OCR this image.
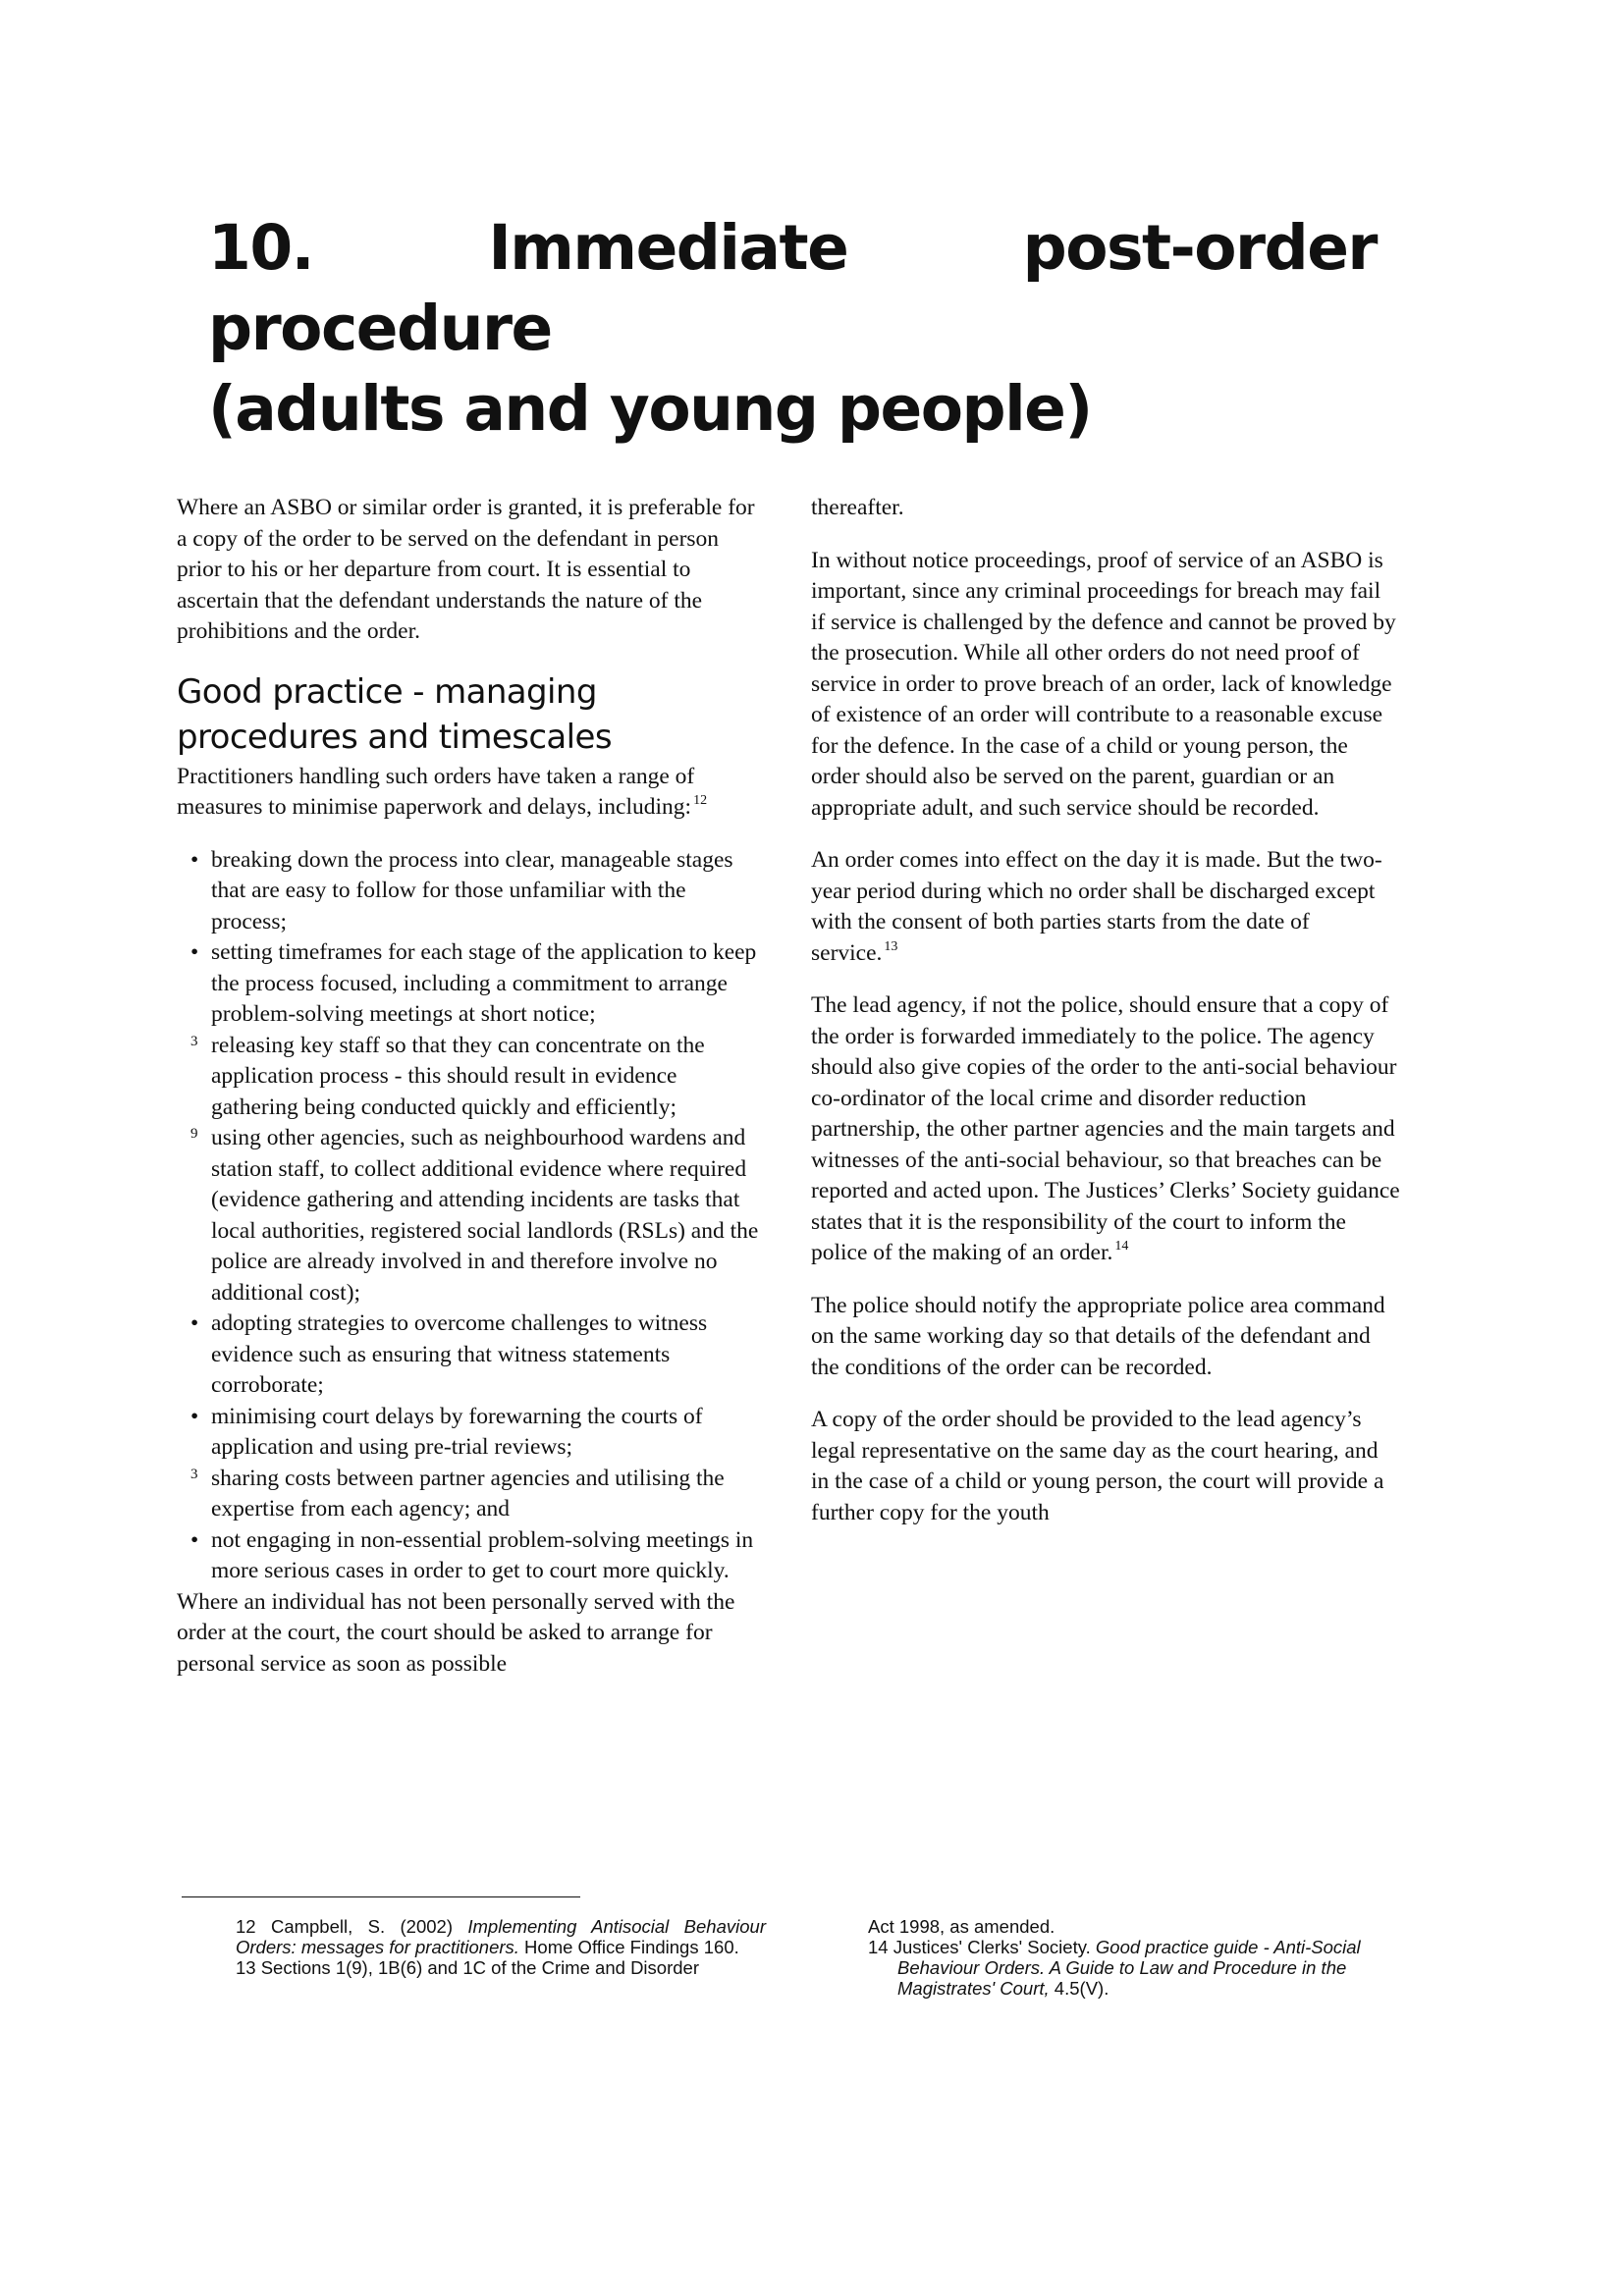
10. Immediate post-order procedure
(adults and young people)

Where an ASBO or similar order is granted, it is preferable for a copy of the order to be served on the defendant in person prior to his or her departure from court. It is essential to ascertain that the defendant understands the nature of the prohibitions and the order.

Good practice - managing procedures and timescales

Practitioners handling such orders have taken a range of measures to minimise paperwork and delays, including: $^{12}$

• breaking down the process into clear, manageable stages that are easy to follow for those unfamiliar with the process;
• setting timeframes for each stage of the application to keep the process focused, including a commitment to arrange problem-solving meetings at short notice;
3 releasing key staff so that they can concentrate on the application process - this should result in evidence gathering being conducted quickly and efficiently;
9 using other agencies, such as neighbourhood wardens and station staff, to collect additional evidence where required (evidence gathering and attending incidents are tasks that local authorities, registered social landlords (RSLs) and the police are already involved in and therefore involve no additional cost);
• adopting strategies to overcome challenges to witness evidence such as ensuring that witness statements corroborate;
• minimising court delays by forewarning the courts of application and using pre-trial reviews;
3 sharing costs between partner agencies and utilising the expertise from each agency; and
• not engaging in non-essential problem-solving meetings in more serious cases in order to get to court more quickly.

Where an individual has not been personally served with the order at the court, the court should be asked to arrange for personal service as soon as possible

thereafter.

In without notice proceedings, proof of service of an ASBO is important, since any criminal proceedings for breach may fail if service is challenged by the defence and cannot be proved by the prosecution. While all other orders do not need proof of service in order to prove breach of an order, lack of knowledge of existence of an order will contribute to a reasonable excuse for the defence. In the case of a child or young person, the order should also be served on the parent, guardian or an appropriate adult, and such service should be recorded.

An order comes into effect on the day it is made. But the two-year period during which no order shall be discharged except with the consent of both parties starts from the date of service. $^{13}$

The lead agency, if not the police, should ensure that a copy of the order is forwarded immediately to the police. The agency should also give copies of the order to the anti-social behaviour co-ordinator of the local crime and disorder reduction partnership, the other partner agencies and the main targets and witnesses of the anti-social behaviour, so that breaches can be reported and acted upon. The Justices’ Clerks’ Society guidance states that it is the responsibility of the court to inform the police of the making of an order. $^{14}$

The police should notify the appropriate police area command on the same working day so that details of the defendant and the conditions of the order can be recorded.

A copy of the order should be provided to the lead agency’s legal representative on the same day as the court hearing, and in the case of a child or young person, the court will provide a further copy for the youth

12 Campbell, S. (2002) Implementing Antisocial Behaviour Orders: messages for practitioners. Home Office Findings 160.

13 Sections 1(9), 1B(6) and 1C of the Crime and Disorder

Act 1998, as amended.

14 Justices' Clerks' Society. Good practice guide - Anti-Social Behaviour Orders. A Guide to Law and Procedure in the Magistrates' Court, 4.5(V).
